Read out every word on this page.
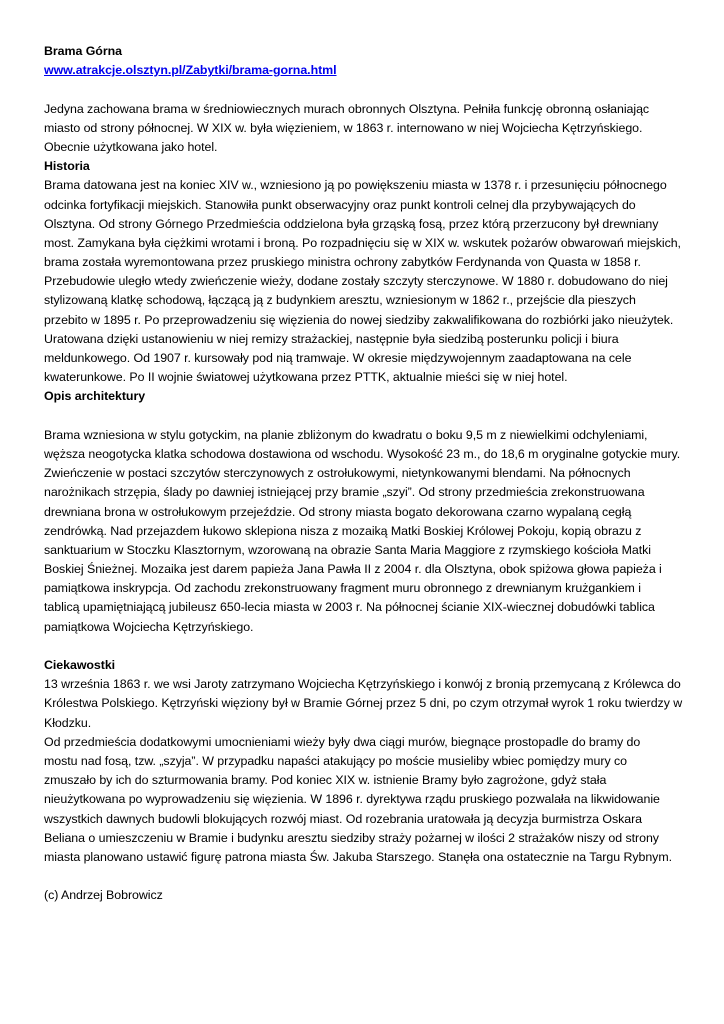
Brama Górna
www.atrakcje.olsztyn.pl/Zabytki/brama-gorna.html
Jedyna zachowana brama w średniowiecznych murach obronnych Olsztyna. Pełniła funkcję obronną osłaniając
miasto od strony północnej. W XIX w. była więzieniem, w 1863 r. internowano w niej Wojciecha Kętrzyńskiego.
Obecnie użytkowana jako hotel.
Historia
Brama datowana jest na koniec XIV w., wzniesiono ją po powiększeniu miasta w 1378 r. i przesunięciu północnego
odcinka fortyfikacji miejskich. Stanowiła punkt obserwacyjny oraz punkt kontroli celnej dla przybywających do
Olsztyna. Od strony Górnego Przedmieścia oddzielona była grząską fosą, przez którą przerzucony był drewniany
most. Zamykana była ciężkimi wrotami i broną. Po rozpadnięciu się w XIX w. wskutek pożarów obwarowań miejskich,
brama została wyremontowana przez pruskiego ministra ochrony zabytków Ferdynanda von Quasta w 1858 r.
Przebudowie uległo wtedy zwieńczenie wieży, dodane zostały szczyty sterczynowe. W 1880 r. dobudowano do niej
stylizowaną klatkę schodową, łączącą ją z budynkiem aresztu, wzniesionym w 1862 r., przejście dla pieszych
przebito w 1895 r. Po przeprowadzeniu się więzienia do nowej siedziby zakwalifikowana do rozbiórki jako nieużytek.
Uratowana dzięki ustanowieniu w niej remizy strażackiej, następnie była siedzibą posterunku policji i biura
meldunkowego. Od 1907 r. kursowały pod nią tramwaje. W okresie międzywojennym zaadaptowana na cele
kwaterunkowe. Po II wojnie światowej użytkowana przez PTTK, aktualnie mieści się w niej hotel.
Opis architektury
Brama wzniesiona w stylu gotyckim, na planie zbliżonym do kwadratu o boku 9,5 m z niewielkimi odchyleniami,
węższa neogotycka klatka schodowa dostawiona od wschodu. Wysokość 23 m., do 18,6 m oryginalne gotyckie mury.
Zwieńczenie w postaci szczytów sterczynowych z ostrołukowymi, nietynkowanymi blendami. Na północnych
narożnikach strzępia, ślady po dawniej istniejącej przy bramie „szyi”. Od strony przedmieścia zrekonstruowana
drewniana brona w ostrołukowym przejeździe. Od strony miasta bogato dekorowana czarno wypalaną cegłą
zendrówką. Nad przejazdem łukowo sklepiona nisza z mozaiką Matki Boskiej Królowej Pokoju, kopią obrazu z
sanktuarium w Stoczku Klasztornym, wzorowaną na obrazie Santa Maria Maggiore z rzymskiego kościoła Matki
Boskiej Śnieżnej. Mozaika jest darem papieża Jana Pawła II z 2004 r. dla Olsztyna, obok spiżowa głowa papieża i
pamiątkowa inskrypcja. Od zachodu zrekonstruowany fragment muru obronnego z drewnianym krużgankiem i
tablicą upamiętniającą jubileusz 650-lecia miasta w 2003 r. Na północnej ścianie XIX-wiecznej dobudówki tablica
pamiątkowa Wojciecha Kętrzyńskiego.
Ciekawostki
13 września 1863 r. we wsi Jaroty zatrzymano Wojciecha Kętrzyńskiego i konwój z bronią przemycaną z Królewca do
Królestwa Polskiego. Kętrzyński więziony był w Bramie Górnej przez 5 dni, po czym otrzymał wyrok 1 roku twierdzy w
Kłodzku.
Od przedmieścia dodatkowymi umocnieniami wieży były dwa ciągi murów, biegnące prostopadle do bramy do
mostu nad fosą, tzw. „szyja”. W przypadku napaści atakujący po moście musieliby wbiec pomiędzy mury co
zmuszało by ich do szturmowania bramy. Pod koniec XIX w. istnienie Bramy było zagrożone, gdyż stała
nieużytkowana po wyprowadzeniu się więzienia. W 1896 r. dyrektywa rządu pruskiego pozwalała na likwidowanie
wszystkich dawnych budowli blokujących rozwój miast. Od rozebrania uratowała ją decyzja burmistrza Oskara
Beliana o umieszczeniu w Bramie i budynku aresztu siedziby straży pożarnej w ilości 2 strażaków niszy od strony
miasta planowano ustawić figurę patrona miasta Św. Jakuba Starszego. Stanęła ona ostatecznie na Targu Rybnym.
(c) Andrzej Bobrowicz
